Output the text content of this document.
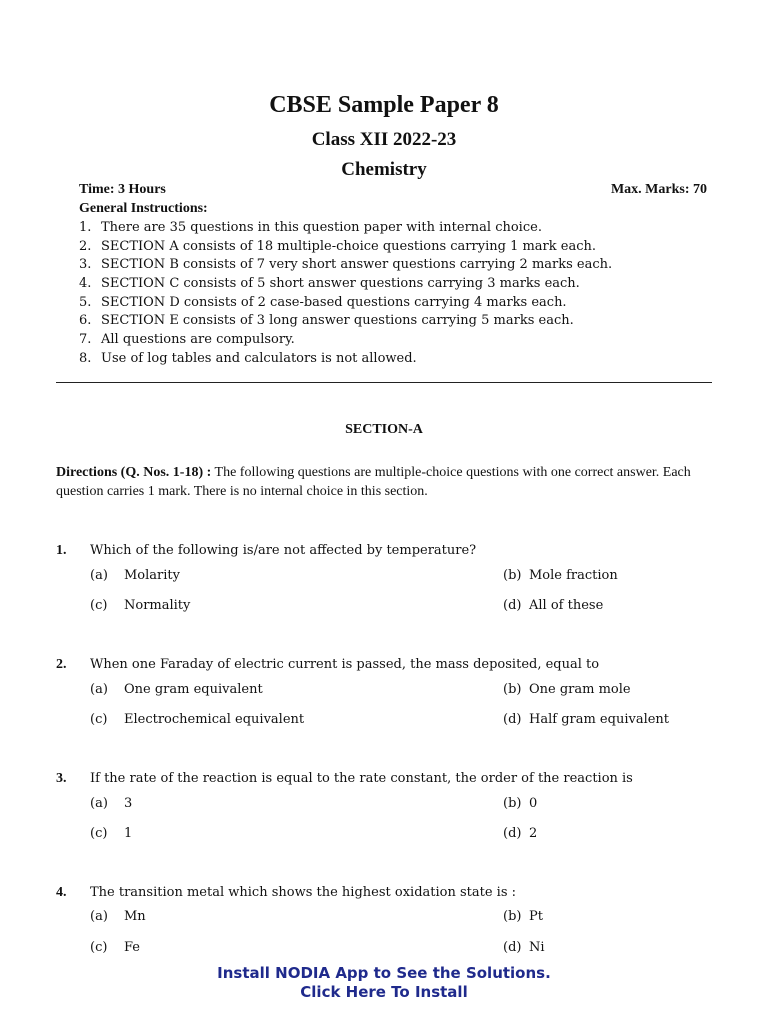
CBSE Sample Paper 8
Class XII 2022-23
Chemistry
Time: 3 Hours	Max. Marks: 70
General Instructions:
1. There are 35 questions in this question paper with internal choice.
2. SECTION A consists of 18 multiple-choice questions carrying 1 mark each.
3. SECTION B consists of 7 very short answer questions carrying 2 marks each.
4. SECTION C consists of 5 short answer questions carrying 3 marks each.
5. SECTION D consists of 2 case-based questions carrying 4 marks each.
6. SECTION E consists of 3 long answer questions carrying 5 marks each.
7. All questions are compulsory.
8. Use of log tables and calculators is not allowed.
SECTION-A
Directions (Q. Nos. 1-18) : The following questions are multiple-choice questions with one correct answer. Each question carries 1 mark. There is no internal choice in this section.
1. Which of the following is/are not affected by temperature?
(a) Molarity	(b) Mole fraction
(c) Normality	(d) All of these
2. When one Faraday of electric current is passed, the mass deposited, equal to
(a) One gram equivalent	(b) One gram mole
(c) Electrochemical equivalent	(d) Half gram equivalent
3. If the rate of the reaction is equal to the rate constant, the order of the reaction is
(a) 3	(b) 0
(c) 1	(d) 2
4. The transition metal which shows the highest oxidation state is :
(a) Mn	(b) Pt
(c) Fe	(d) Ni
Install NODIA App to See the Solutions.
Click Here To Install
